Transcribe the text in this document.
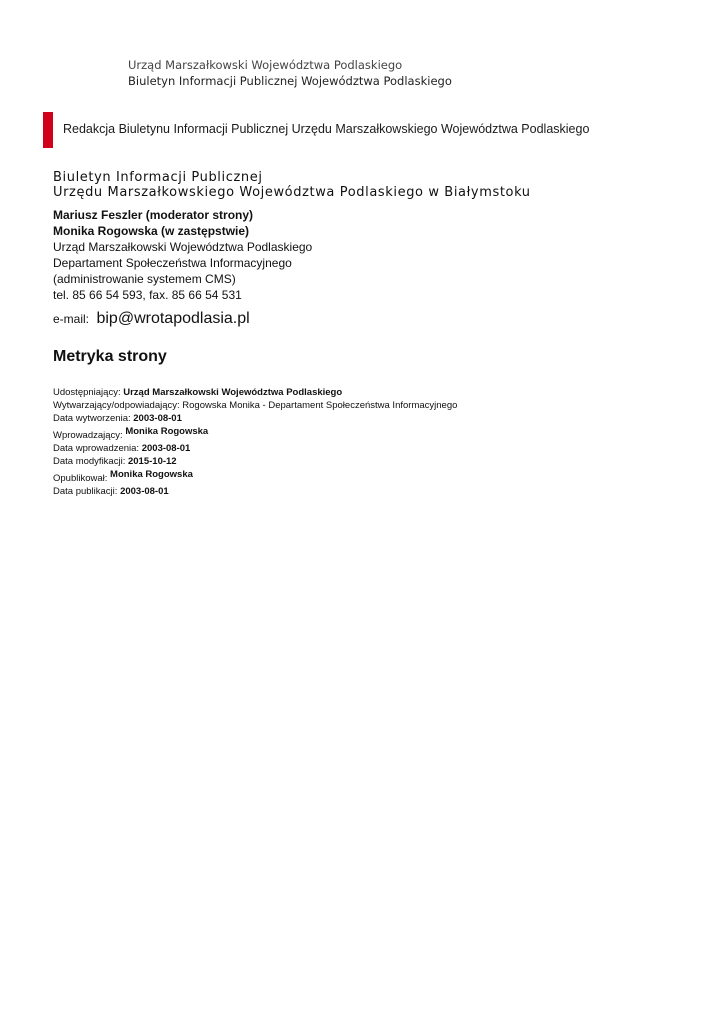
Urząd Marszałkowski Województwa Podlaskiego
Biuletyn Informacji Publicznej Województwa Podlaskiego
Redakcja Biuletynu Informacji Publicznej Urzędu Marszałkowskiego Województwa Podlaskiego
Biuletyn Informacji Publicznej
Urzędu Marszałkowskiego Województwa Podlaskiego w Białymstoku
Mariusz Feszler (moderator strony)
Monika Rogowska (w zastępstwie)
Urząd Marszałkowski Województwa Podlaskiego
Departament Społeczeństwa Informacyjnego
(administrowanie systemem CMS)
tel. 85 66 54 593, fax. 85 66 54 531
e-mail: bip@wrotapodlasia.pl
Metryka strony
Udostępniający: Urząd Marszałkowski Województwa Podlaskiego
Wytwarzający/odpowiadający: Rogowska Monika - Departament Społeczeństwa Informacyjnego
Data wytworzenia: 2003-08-01
Wprowadzający: Monika Rogowska
Data wprowadzenia: 2003-08-01
Data modyfikacji: 2015-10-12
Opublikował: Monika Rogowska
Data publikacji: 2003-08-01
